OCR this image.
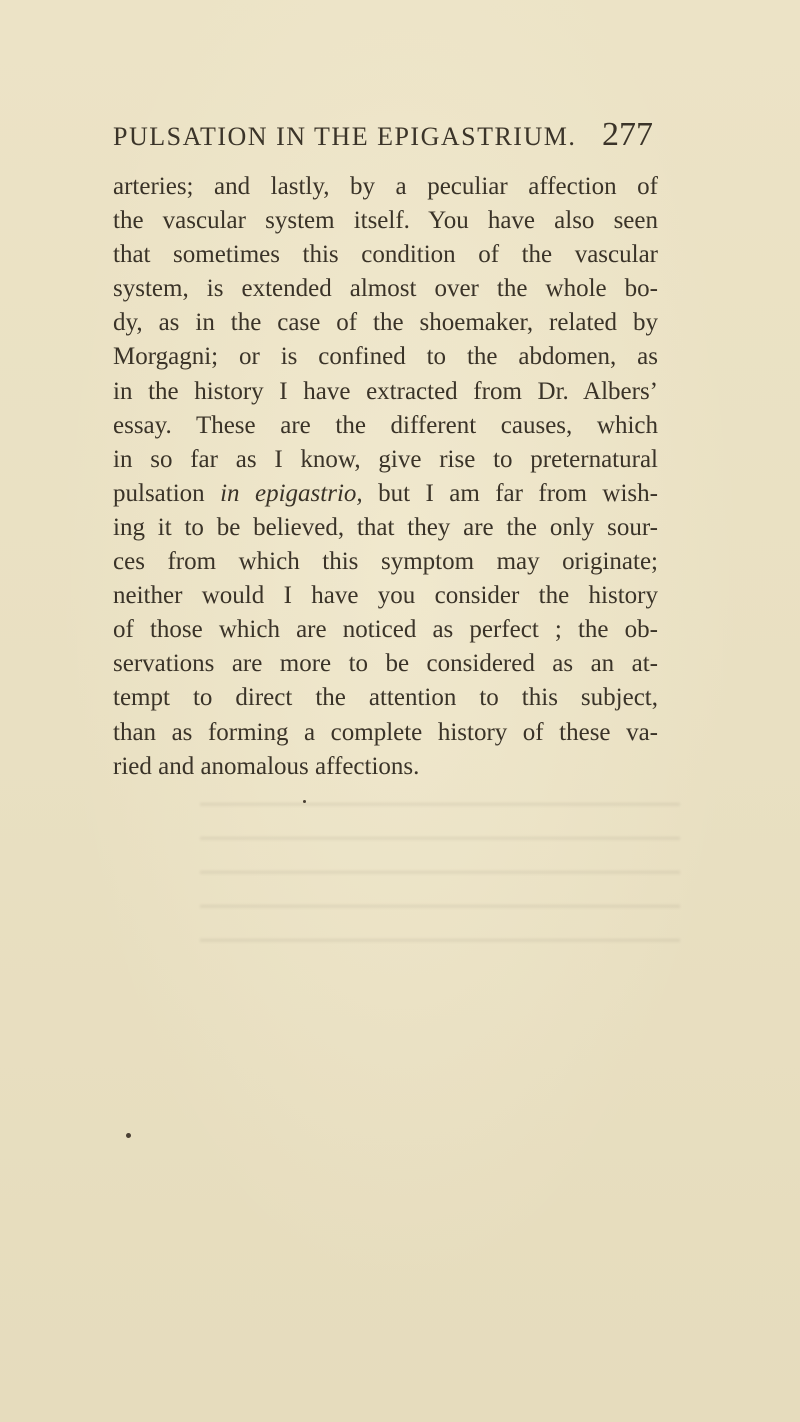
PULSATION IN THE EPIGASTRIUM. 277
arteries; and lastly, by a peculiar affection of
the vascular system itself. You have also seen
that sometimes this condition of the vascular
system, is extended almost over the whole bo-
dy, as in the case of the shoemaker, related by
Morgagni; or is confined to the abdomen, as
in the history I have extracted from Dr. Albers’
essay. These are the different causes, which
in so far as I know, give rise to preternatural
pulsation in epigastrio, but I am far from wish-
ing it to be believed, that they are the only sour-
ces from which this symptom may originate;
neither would I have you consider the history
of those which are noticed as perfect ; the ob-
servations are more to be considered as an at-
tempt to direct the attention to this subject,
than as forming a complete history of these va-
ried and anomalous affections.
